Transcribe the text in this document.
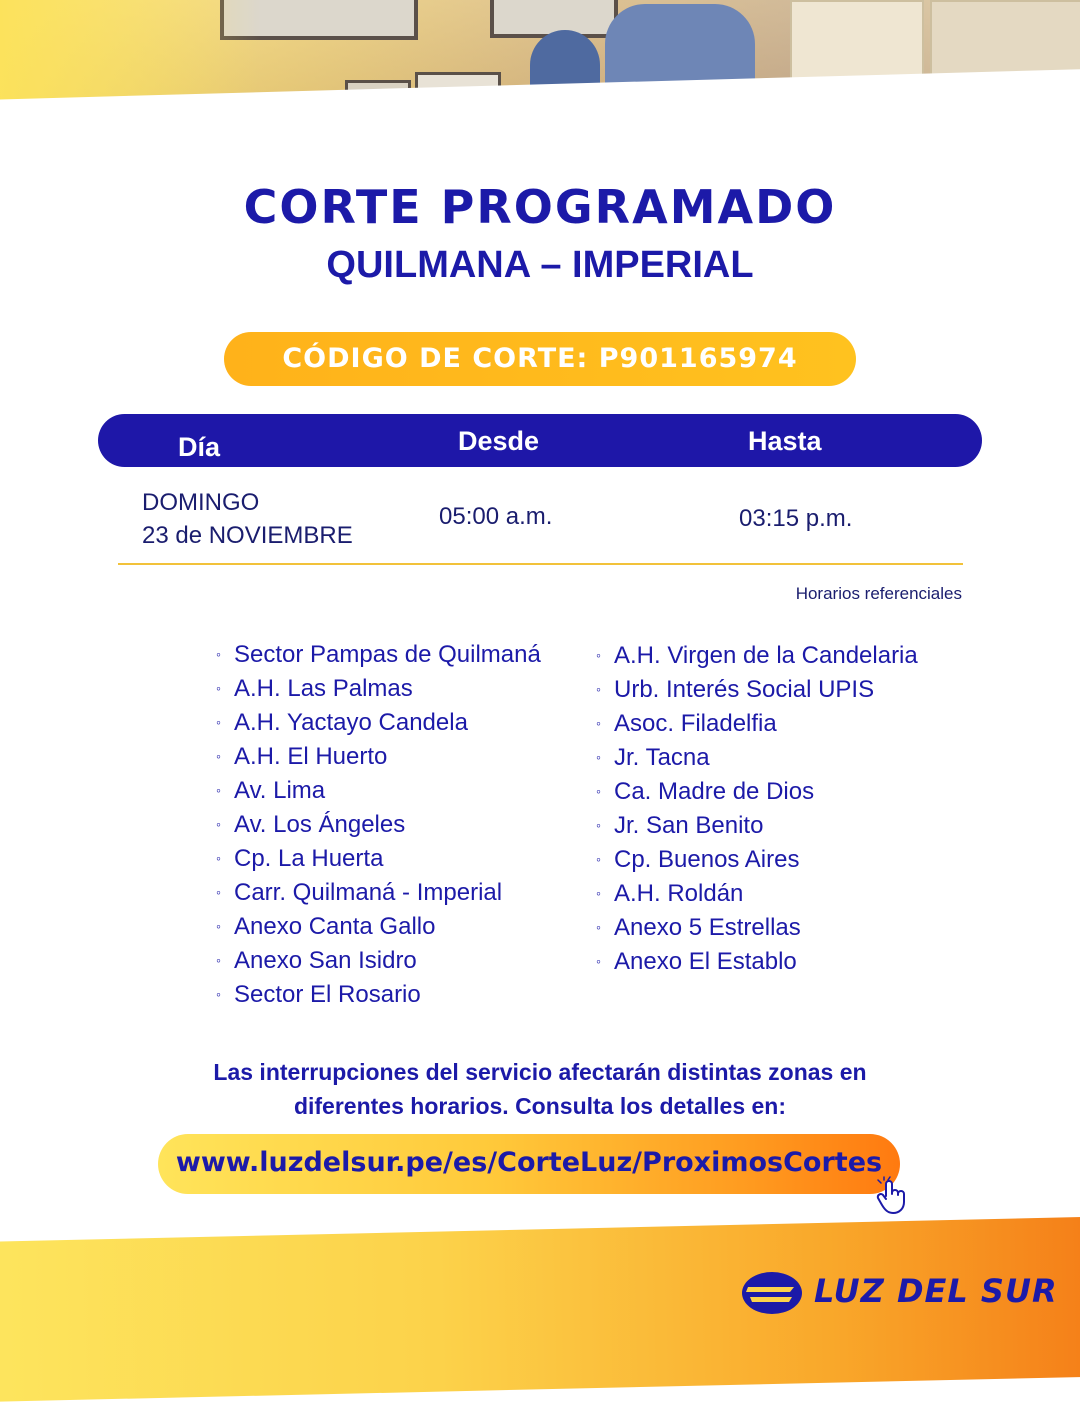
CORTE PROGRAMADO
QUILMANA – IMPERIAL
CÓDIGO DE CORTE: P901165974
Día	Desde	Hasta
DOMINGO
23 de NOVIEMBRE
05:00 a.m.	03:15 p.m.
Horarios referenciales
◦ Sector Pampas de Quilmaná
◦ A.H. Las Palmas
◦ A.H. Yactayo Candela
◦ A.H. El Huerto
◦ Av. Lima
◦ Av. Los Ángeles
◦ Cp. La Huerta
◦ Carr. Quilmaná - Imperial
◦ Anexo Canta Gallo
◦ Anexo San Isidro
◦ Sector El Rosario
◦ A.H. Virgen de la Candelaria
◦ Urb. Interés Social UPIS
◦ Asoc. Filadelfia
◦ Jr. Tacna
◦ Ca. Madre de Dios
◦ Jr. San Benito
◦ Cp. Buenos Aires
◦ A.H. Roldán
◦ Anexo 5 Estrellas
◦ Anexo El Establo
Las interrupciones del servicio afectarán distintas zonas en
diferentes horarios. Consulta los detalles en:
www.luzdelsur.pe/es/CorteLuz/ProximosCortes
LUZ DEL SUR
